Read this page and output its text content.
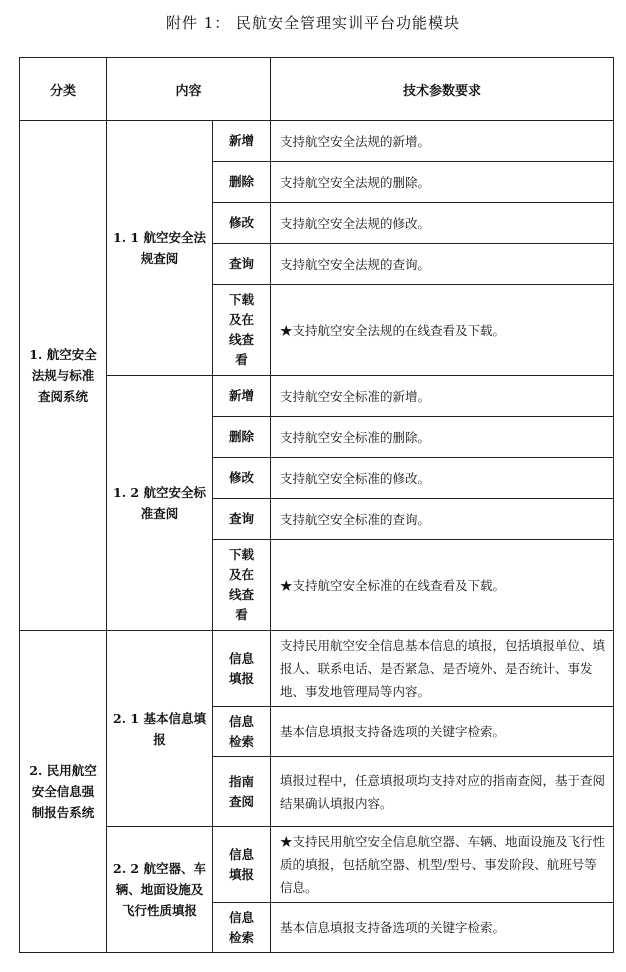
附件 1： 民航安全管理实训平台功能模块
分类	内容		技术参数要求
1. 航空安全法规与标准查阅系统	1. 1 航空安全法规查阅	新增	支持航空安全法规的新增。
		删除	支持航空安全法规的删除。
		修改	支持航空安全法规的修改。
		查询	支持航空安全法规的查询。
		下载及在线查看	★支持航空安全法规的在线查看及下载。
	1. 2 航空安全标准查阅	新增	支持航空安全标准的新增。
		删除	支持航空安全标准的删除。
		修改	支持航空安全标准的修改。
		查询	支持航空安全标准的查询。
		下载及在线查看	★支持航空安全标准的在线查看及下载。
2. 民用航空安全信息强制报告系统	2. 1 基本信息填报	信息填报	支持民用航空安全信息基本信息的填报，包括填报单位、填报人、联系电话、是否紧急、是否境外、是否统计、事发地、事发地管理局等内容。
		信息检索	基本信息填报支持备选项的关键字检索。
		指南查阅	填报过程中，任意填报项均支持对应的指南查阅，基于查阅结果确认填报内容。
	2. 2 航空器、车辆、地面设施及飞行性质填报	信息填报	★支持民用航空安全信息航空器、车辆、地面设施及飞行性质的填报，包括航空器、机型/型号、事发阶段、航班号等信息。
		信息检索	基本信息填报支持备选项的关键字检索。
